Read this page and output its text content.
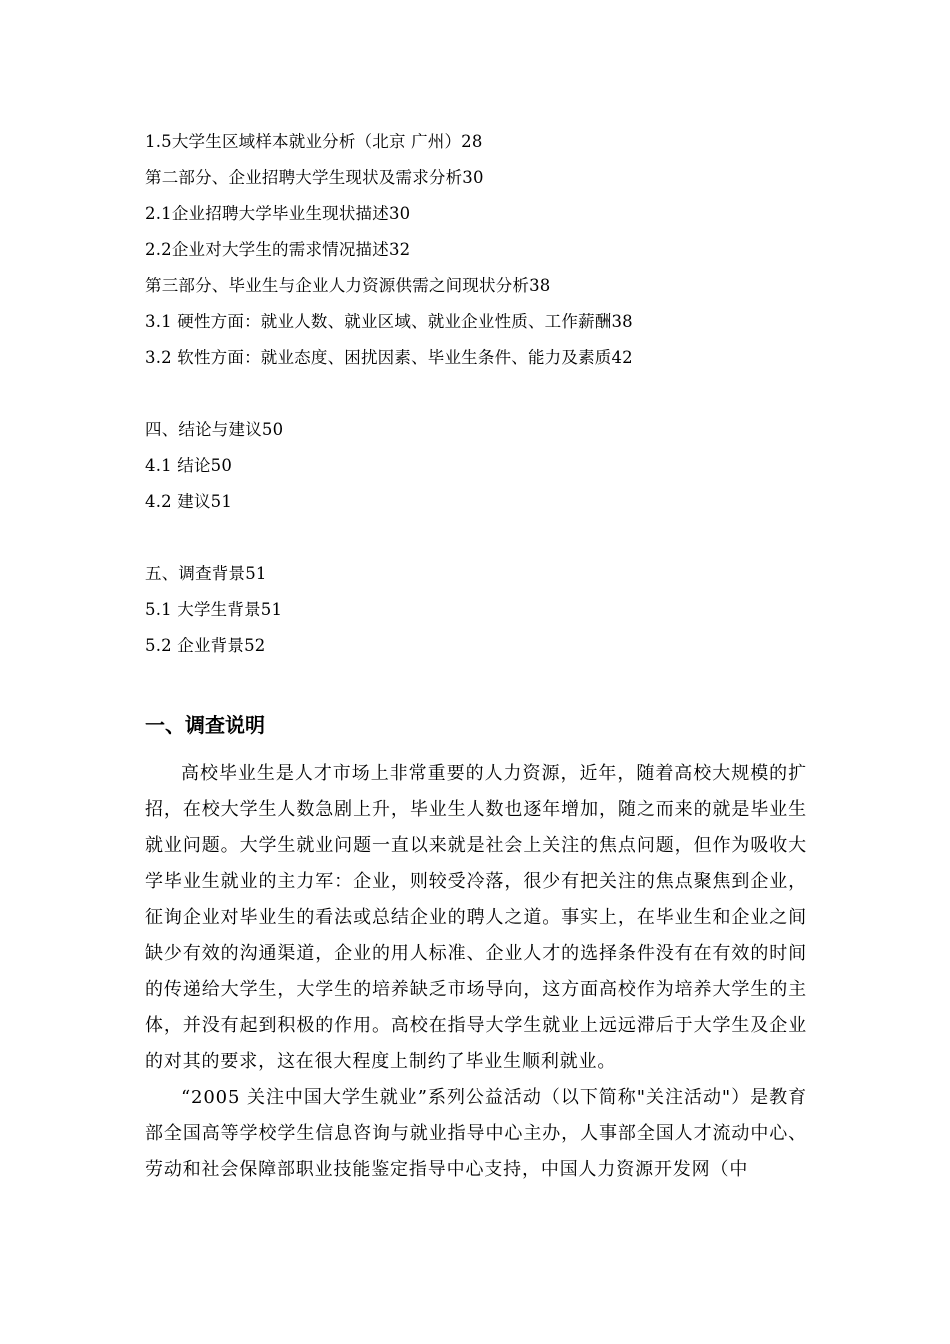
1.5大学生区域样本就业分析（北京 广州）28
第二部分、企业招聘大学生现状及需求分析30
2.1企业招聘大学毕业生现状描述30
2.2企业对大学生的需求情况描述32
第三部分、毕业生与企业人力资源供需之间现状分析38
3.1 硬性方面：就业人数、就业区域、就业企业性质、工作薪酬38
3.2 软性方面：就业态度、困扰因素、毕业生条件、能力及素质42
四、结论与建议50
4.1 结论50
4.2 建议51
五、调查背景51
5.1 大学生背景51
5.2 企业背景52
一、调查说明

高校毕业生是人才市场上非常重要的人力资源，近年，随着高校大规模的扩招，在校大学生人数急剧上升，毕业生人数也逐年增加，随之而来的就是毕业生就业问题。大学生就业问题一直以来就是社会上关注的焦点问题，但作为吸收大学毕业生就业的主力军：企业，则较受冷落，很少有把关注的焦点聚焦到企业，征询企业对毕业生的看法或总结企业的聘人之道。事实上，在毕业生和企业之间缺少有效的沟通渠道，企业的用人标准、企业人才的选择条件没有在有效的时间的传递给大学生，大学生的培养缺乏市场导向，这方面高校作为培养大学生的主体，并没有起到积极的作用。高校在指导大学生就业上远远滞后于大学生及企业的对其的要求，这在很大程度上制约了毕业生顺利就业。

“2005 关注中国大学生就业”系列公益活动（以下简称"关注活动"）是教育部全国高等学校学生信息咨询与就业指导中心主办，人事部全国人才流动中心、劳动和社会保障部职业技能鉴定指导中心支持，中国人力资源开发网（中
